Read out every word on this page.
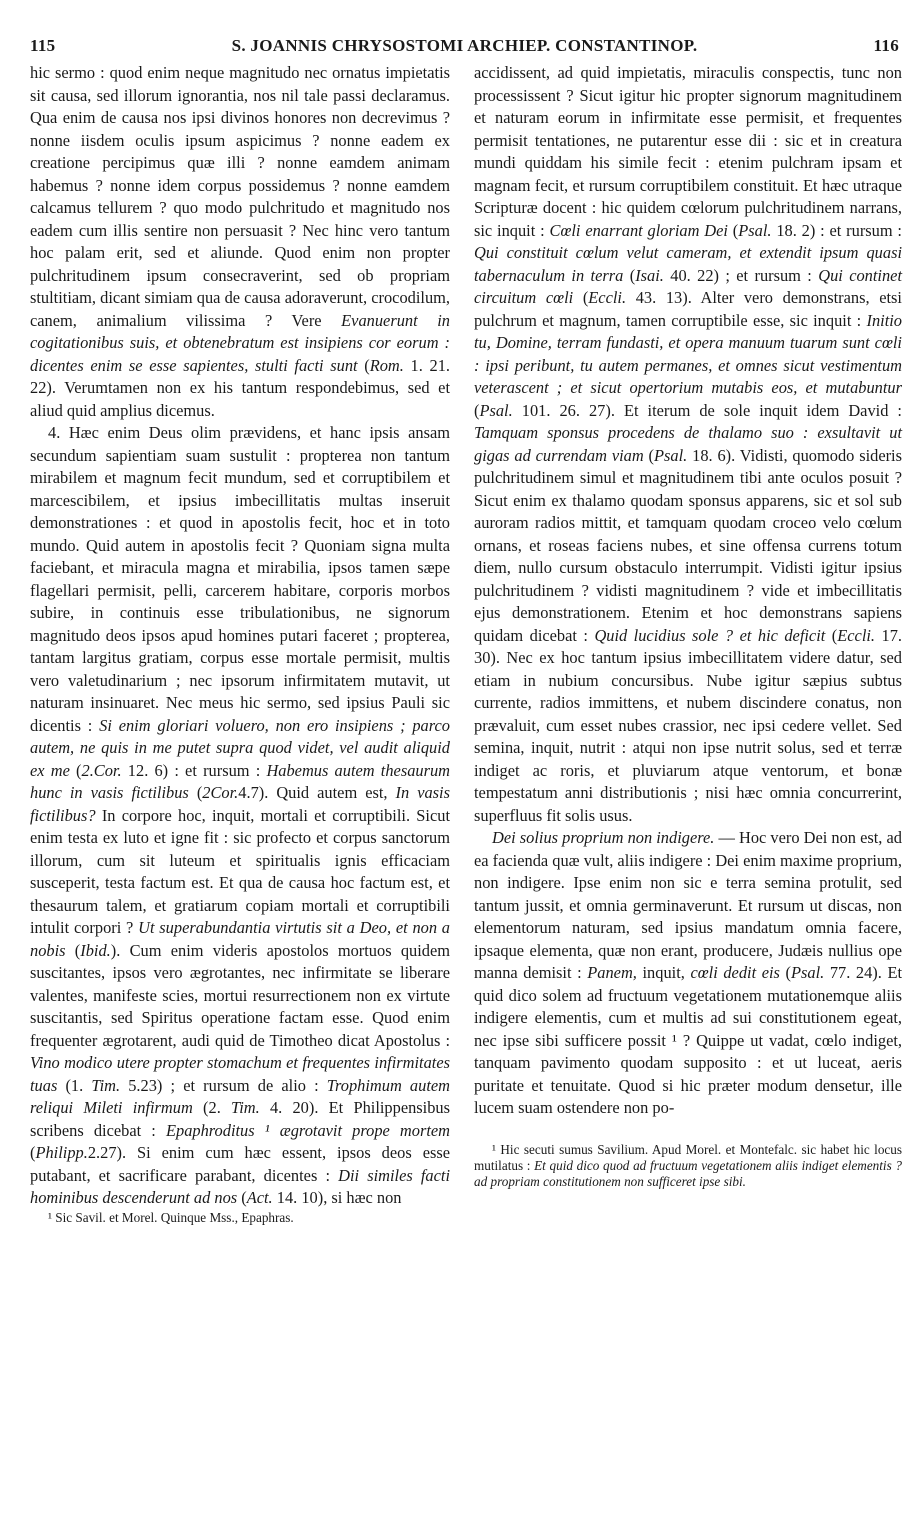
115	S. JOANNIS CHRYSOSTOMI ARCHIEP. CONSTANTINOP.	116

hic sermo : quod enim neque magnitudo nec ornatus impietatis sit causa, sed illorum ignorantia, nos nil tale passi declaramus. Qua enim de causa nos ipsi divinos honores non decrevimus ? nonne iisdem oculis ipsum aspicimus ? nonne eadem ex creatione percipimus quæ illi ? nonne eamdem animam habemus ? nonne idem corpus possidemus ? nonne eamdem calcamus tellurem ? quo modo pulchritudo et magnitudo nos eadem cum illis sentire non persuasit ? Nec hinc vero tantum hoc palam erit, sed et aliunde. Quod enim non propter pulchritudinem ipsum consecraverint, sed ob propriam stultitiam, dicant simiam qua de causa adoraverunt, crocodilum, canem, animalium vilissima ? Vere Evanuerunt in cogitationibus suis, et obtenebratum est insipiens cor eorum : dicentes enim se esse sapientes, stulti facti sunt (Rom. 1. 21. 22). Verumtamen non ex his tantum respondebimus, sed et aliud quid amplius dicemus.

4. Hæc enim Deus olim prævidens, et hanc ipsis ansam secundum sapientiam suam sustulit : propterea non tantum mirabilem et magnum fecit mundum, sed et corruptibilem et marcescibilem, et ipsius imbecillitatis multas inseruit demonstrationes : et quod in apostolis fecit, hoc et in toto mundo. Quid autem in apostolis fecit ? Quoniam signa multa faciebant, et miracula magna et mirabilia, ipsos tamen sæpe flagellari permisit, pelli, carcerem habitare, corporis morbos subire, in continuis esse tribulationibus, ne signorum magnitudo deos ipsos apud homines putari faceret ; propterea, tantam largitus gratiam, corpus esse mortale permisit, multis vero valetudinarium ; nec ipsorum infirmitatem mutavit, ut naturam insinuaret. Nec meus hic sermo, sed ipsius Pauli sic dicentis : Si enim gloriari voluero, non ero insipiens ; parco autem, ne quis in me putet supra quod videt, vel audit aliquid ex me (2.Cor. 12. 6) : et rursum : Habemus autem thesaurum hunc in vasis fictilibus (2Cor.4.7). Quid autem est, In vasis fictilibus? In corpore hoc, inquit, mortali et corruptibili. Sicut enim testa ex luto et igne fit : sic profecto et corpus sanctorum illorum, cum sit luteum et spiritualis ignis efficaciam susceperit, testa factum est. Et qua de causa hoc factum est, et thesaurum talem, et gratiarum copiam mortali et corruptibili intulit corpori ? Ut superabundantia virtutis sit a Deo, et non a nobis (Ibid.). Cum enim videris apostolos mortuos quidem suscitantes, ipsos vero ægrotantes, nec infirmitate se liberare valentes, manifeste scies, mortui resurrectionem non ex virtute suscitantis, sed Spiritus operatione factam esse. Quod enim frequenter ægrotarent, audi quid de Timotheo dicat Apostolus : Vino modico utere propter stomachum et frequentes infirmitates tuas (1. Tim. 5.23) ; et rursum de alio : Trophimum autem reliqui Mileti infirmum (2. Tim. 4. 20). Et Philippensibus scribens dicebat : Epaphroditus ¹ ægrotavit prope mortem (Philipp.2.27). Si enim cum hæc essent, ipsos deos esse putabant, et sacrificare parabant, dicentes : Dii similes facti hominibus descenderunt ad nos (Act. 14. 10), si hæc non

¹ Sic Savil. et Morel. Quinque Mss., Epaphras.

accidissent, ad quid impietatis, miraculis conspectis, tunc non processissent ? Sicut igitur hic propter signorum magnitudinem et naturam eorum in infirmitate esse permisit, et frequentes permisit tentationes, ne putarentur esse dii : sic et in creatura mundi quiddam his simile fecit : etenim pulchram ipsam et magnam fecit, et rursum corruptibilem constituit. Et hæc utraque Scripturæ docent : hic quidem cœlorum pulchritudinem narrans, sic inquit : Cœli enarrant gloriam Dei (Psal. 18. 2) : et rursum : Qui constituit cœlum velut cameram, et extendit ipsum quasi tabernaculum in terra (Isai. 40. 22) ; et rursum : Qui continet circuitum cœli (Eccli. 43. 13). Alter vero demonstrans, etsi pulchrum et magnum, tamen corruptibile esse, sic inquit : Initio tu, Domine, terram fundasti, et opera manuum tuarum sunt cœli : ipsi peribunt, tu autem permanes, et omnes sicut vestimentum veterascent ; et sicut opertorium mutabis eos, et mutabuntur (Psal. 101. 26. 27). Et iterum de sole inquit idem David : Tamquam sponsus procedens de thalamo suo : exsultavit ut gigas ad currendam viam (Psal. 18. 6). Vidisti, quomodo sideris pulchritudinem simul et magnitudinem tibi ante oculos posuit ? Sicut enim ex thalamo quodam sponsus apparens, sic et sol sub auroram radios mittit, et tamquam quodam croceo velo cœlum ornans, et roseas faciens nubes, et sine offensa currens totum diem, nullo cursum obstaculo interrumpit. Vidisti igitur ipsius pulchritudinem ? vidisti magnitudinem ? vide et imbecillitatis ejus demonstrationem. Etenim et hoc demonstrans sapiens quidam dicebat : Quid lucidius sole ? et hic deficit (Eccli. 17. 30). Nec ex hoc tantum ipsius imbecillitatem videre datur, sed etiam in nubium concursibus. Nube igitur sæpius subtus currente, radios immittens, et nubem discindere conatus, non prævaluit, cum esset nubes crassior, nec ipsi cedere vellet. Sed semina, inquit, nutrit : atqui non ipse nutrit solus, sed et terræ indiget ac roris, et pluviarum atque ventorum, et bonæ tempestatum anni distributionis ; nisi hæc omnia concurrerint, superfluus fit solis usus.

Dei solius proprium non indigere. — Hoc vero Dei non est, ad ea facienda quæ vult, aliis indigere : Dei enim maxime proprium, non indigere. Ipse enim non sic e terra semina protulit, sed tantum jussit, et omnia germinaverunt. Et rursum ut discas, non elementorum naturam, sed ipsius mandatum omnia facere, ipsaque elementa, quæ non erant, producere, Judæis nullius ope manna demisit : Panem, inquit, cœli dedit eis (Psal. 77. 24). Et quid dico solem ad fructuum vegetationem mutationemque aliis indigere elementis, cum et multis ad sui constitutionem egeat, nec ipse sibi sufficere possit ¹ ? Quippe ut vadat, cœlo indiget, tanquam pavimento quodam supposito : et ut luceat, aeris puritate et tenuitate. Quod si hic præter modum densetur, ille lucem suam ostendere non po-

¹ Hic secuti sumus Savilium. Apud Morel. et Montefalc. sic habet hic locus mutilatus : Et quid dico quod ad fructuum vegetationem aliis indiget elementis ? ad propriam constitutionem non sufficeret ipse sibi.
